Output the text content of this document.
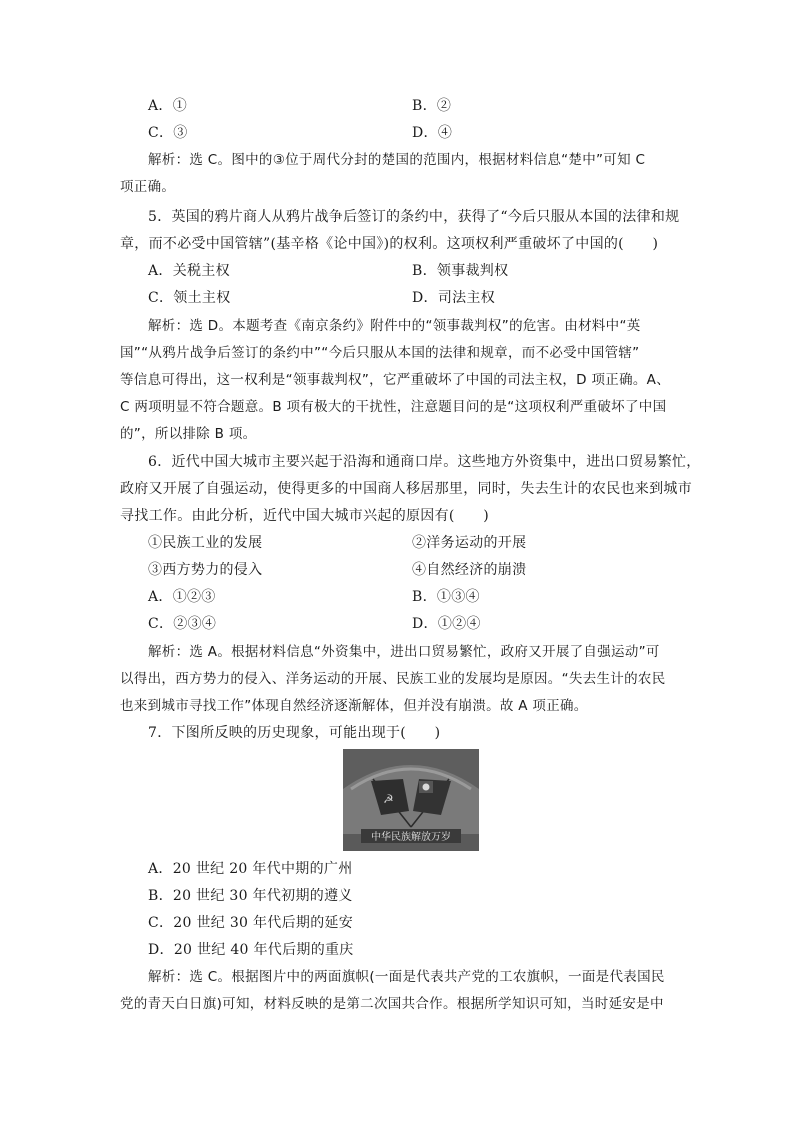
A．①	B．②
C．③	D．④
解析：选 C。图中的③位于周代分封的楚国的范围内，根据材料信息“楚中”可知 C
项正确。
5．英国的鸦片商人从鸦片战争后签订的条约中，获得了“今后只服从本国的法律和规
章，而不必受中国管辖”(基辛格《论中国》)的权利。这项权利严重破坏了中国的(　　)
A．关税主权	B．领事裁判权
C．领土主权	D．司法主权
解析：选 D。本题考查《南京条约》附件中的“领事裁判权”的危害。由材料中“英
国”“从鸦片战争后签订的条约中”“今后只服从本国的法律和规章，而不必受中国管辖”
等信息可得出，这一权利是“领事裁判权”，它严重破坏了中国的司法主权，D 项正确。A、
C 两项明显不符合题意。B 项有极大的干扰性，注意题目问的是“这项权利严重破坏了中国
的”，所以排除 B 项。
6．近代中国大城市主要兴起于沿海和通商口岸。这些地方外资集中，进出口贸易繁忙，
政府又开展了自强运动，使得更多的中国商人移居那里，同时，失去生计的农民也来到城市
寻找工作。由此分析，近代中国大城市兴起的原因有(　　)
①民族工业的发展	②洋务运动的开展
③西方势力的侵入	④自然经济的崩溃
A．①②③	B．①③④
C．②③④	D．①②④
解析：选 A。根据材料信息“外资集中，进出口贸易繁忙，政府又开展了自强运动”可
以得出，西方势力的侵入、洋务运动的开展、民族工业的发展均是原因。“失去生计的农民
也来到城市寻找工作”体现自然经济逐渐解体，但并没有崩溃。故 A 项正确。
7．下图所反映的历史现象，可能出现于(　　)
☭
中华民族解放万岁
A．20 世纪 20 年代中期的广州
B．20 世纪 30 年代初期的遵义
C．20 世纪 30 年代后期的延安
D．20 世纪 40 年代后期的重庆
解析：选 C。根据图片中的两面旗帜(一面是代表共产党的工农旗帜，一面是代表国民
党的青天白日旗)可知，材料反映的是第二次国共合作。根据所学知识可知，当时延安是中
